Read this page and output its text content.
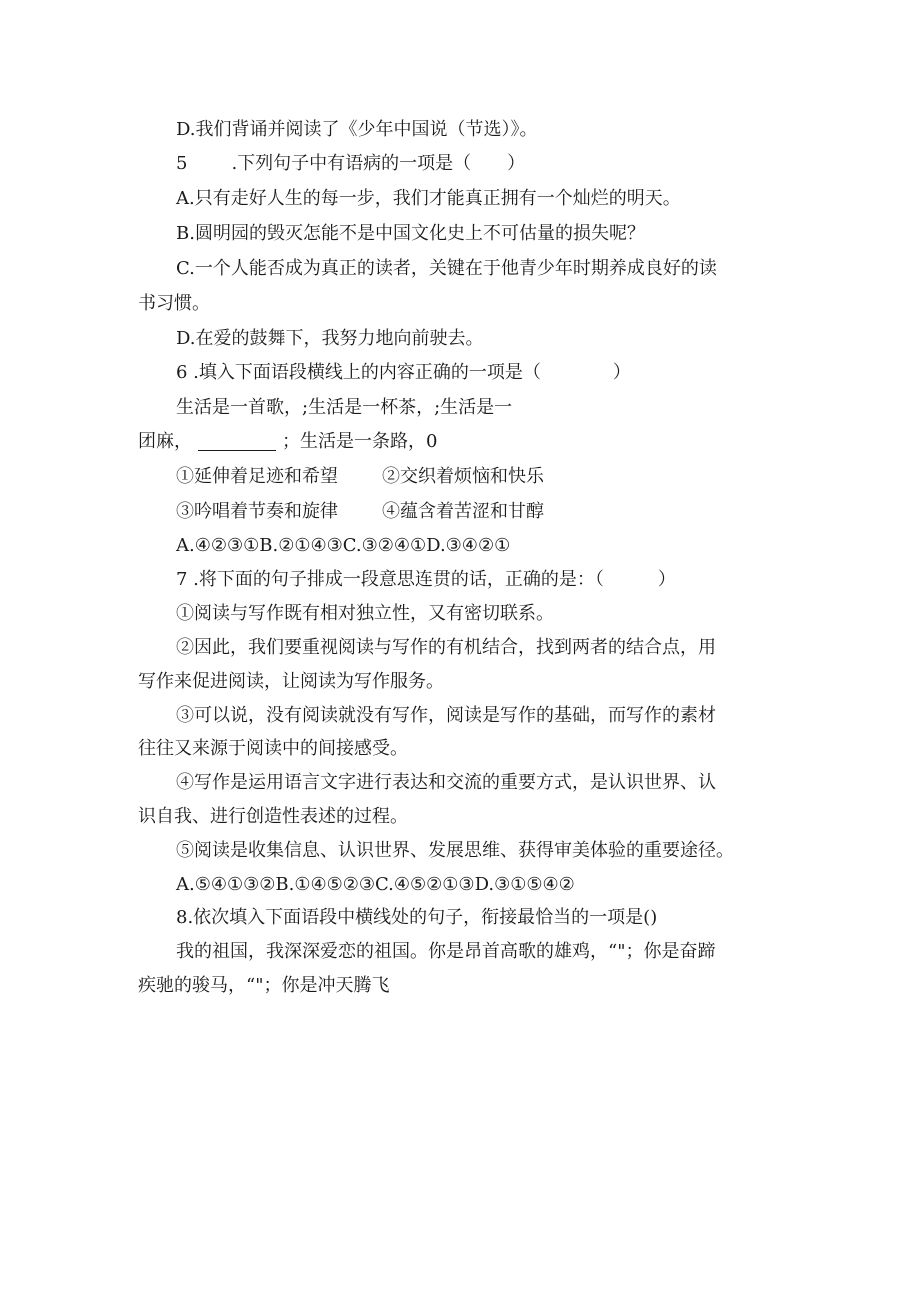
D.我们背诵并阅读了《少年中国说（节选）》。
5 .下列句子中有语病的一项是（　　）
A.只有走好人生的每一步，我们才能真正拥有一个灿烂的明天。
B.圆明园的毁灭怎能不是中国文化史上不可估量的损失呢？
C.一个人能否成为真正的读者，关键在于他青少年时期养成良好的读
书习惯。
D.在爱的鼓舞下，我努力地向前驶去。
6 .填入下面语段横线上的内容正确的一项是（　　　　）
生活是一首歌，;生活是一杯茶，;生活是一
团麻，	；生活是一条路，0
①延伸着足迹和希望 ②交织着烦恼和快乐
③吟唱着节奏和旋律 ④蕴含着苦涩和甘醇
A.④②③①B.②①④③C.③②④①D.③④②①
7 .将下面的句子排成一段意思连贯的话，正确的是：（　　　）
①阅读与写作既有相对独立性，又有密切联系。
②因此，我们要重视阅读与写作的有机结合，找到两者的结合点，用
写作来促进阅读，让阅读为写作服务。
③可以说，没有阅读就没有写作，阅读是写作的基础，而写作的素材
往往又来源于阅读中的间接感受。
④写作是运用语言文字进行表达和交流的重要方式，是认识世界、认
识自我、进行创造性表述的过程。
⑤阅读是收集信息、认识世界、发展思维、获得审美体验的重要途径。
A.⑤④①③②B.①④⑤②③C.④⑤②①③D.③①⑤④②
8.依次填入下面语段中横线处的句子，衔接最恰当的一项是()
我的祖国，我深深爱恋的祖国。你是昂首高歌的雄鸡，“"；你是奋蹄
疾驰的骏马，“"；你是冲天腾飞
